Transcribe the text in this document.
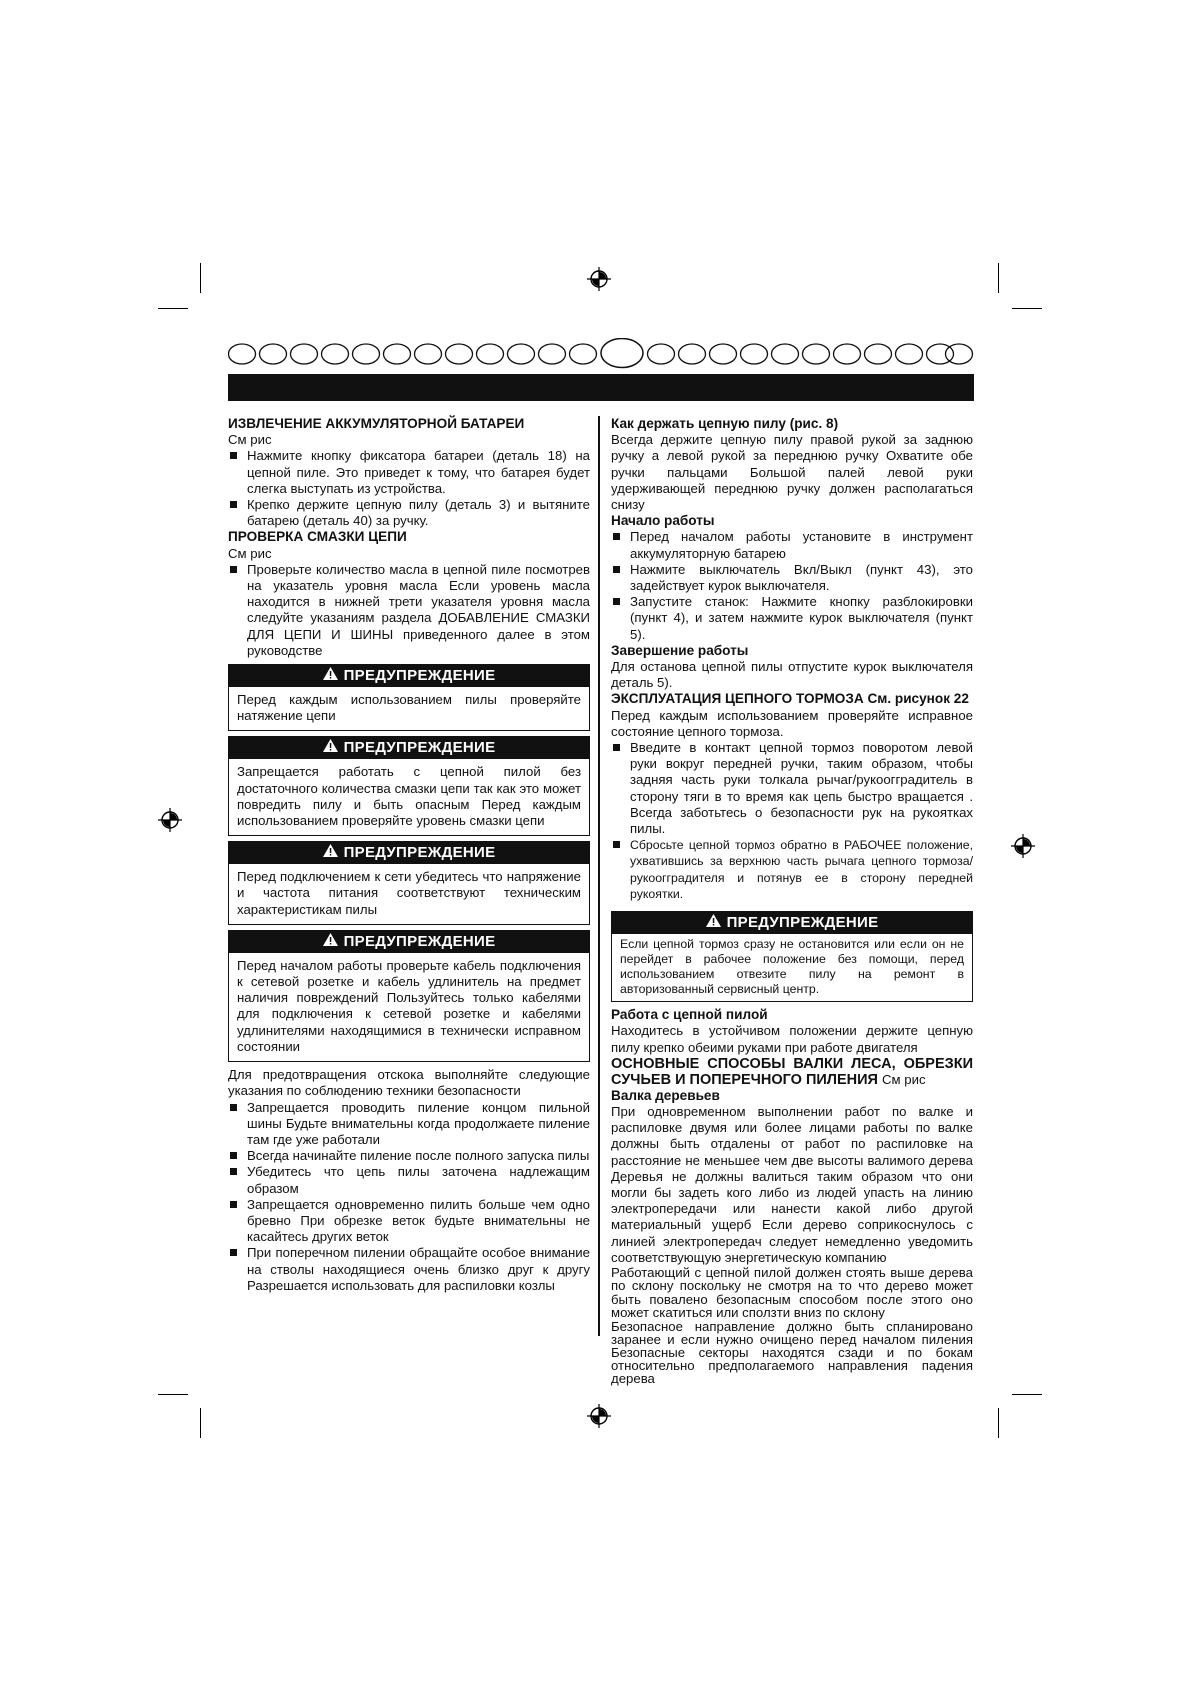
ИЗВЛЕЧЕНИЕ АККУМУЛЯТОРНОЙ БАТАРЕИ

См рис

Нажмите кнопку фиксатора батареи (деталь 18) на цепной пиле. Это приведет к тому, что батарея будет слегка выступать из устройства.
Крепко держите цепную пилу (деталь 3) и вытяните батарею (деталь 40) за ручку.
ПРОВЕРКА СМАЗКИ ЦЕПИ

См рис

Проверьте количество масла в цепной пиле посмотрев на указатель уровня масла Если уровень масла находится в нижней трети указателя уровня масла следуйте указаниям раздела ДОБАВЛЕНИЕ СМАЗКИ ДЛЯ ЦЕПИ И ШИНЫ приведенного далее в этом руководстве
ПРЕДУПРЕЖДЕНИЕ
Перед каждым использованием пилы проверяйте натяжение цепи
ПРЕДУПРЕЖДЕНИЕ
Запрещается работать с цепной пилой без достаточного количества смазки цепи так как это может повредить пилу и быть опасным Перед каждым использованием проверяйте уровень смазки цепи
ПРЕДУПРЕЖДЕНИЕ
Перед подключением к сети убедитесь что напряжение и частота питания соответствуют техническим характеристикам пилы
ПРЕДУПРЕЖДЕНИЕ
Перед началом работы проверьте кабель подключения к сетевой розетке и кабель удлинитель на предмет наличия повреждений Пользуйтесь только кабелями для подключения к сетевой розетке и кабелями удлинителями находящимися в технически исправном состоянии

Для предотвращения отскока выполняйте следующие указания по соблюдению техники безопасности

Запрещается проводить пиление концом пильной шины Будьте внимательны когда продолжаете пиление там где уже работали
Всегда начинайте пиление после полного запуска пилы
Убедитесь что цепь пилы заточена надлежащим образом
Запрещается одновременно пилить больше чем одно бревно При обрезке веток будьте внимательны не касайтесь других веток
При поперечном пилении обращайте особое внимание на стволы находящиеся очень близко друг к другу Разрешается использовать для распиловки козлы
Как держать цепную пилу (рис. 8)

Всегда держите цепную пилу правой рукой за заднюю ручку а левой рукой за переднюю ручку Охватите обе ручки пальцами Большой палей левой руки удерживающей переднюю ручку должен располагаться снизу

Начало работы
Перед началом работы установите в инструмент аккумуляторную батарею
Нажмите выключатель Вкл/Выкл (пункт 43), это задействует курок выключателя.
Запустите станок: Нажмите кнопку разблокировки (пункт 4), и затем нажмите курок выключателя (пункт 5).
Завершение работы

Для останова цепной пилы отпустите курок выключателя деталь 5).

ЭКСПЛУАТАЦИЯ ЦЕПНОГО ТОРМОЗА См. рисунок 22

Перед каждым использованием проверяйте исправное состояние цепного тормоза.

Введите в контакт цепной тормоз поворотом левой руки вокруг передней ручки, таким образом, чтобы задняя часть руки толкала рычаг/рукоогградитель в сторону тяги в то время как цепь быстро вращается . Всегда заботьтесь о безопасности рук на рукоятках пилы.
Сбросьте цепной тормоз обратно в РАБОЧЕЕ положение, ухватившись за верхнюю часть рычага цепного тормоза/ рукоогградителя и потянув ее в сторону передней рукоятки.
ПРЕДУПРЕЖДЕНИЕ
Если цепной тормоз сразу не остановится или если он не перейдет в рабочее положение без помощи, перед использованием отвезите пилу на ремонт в авторизованный сервисный центр.
Работа с цепной пилой

Находитесь в устойчивом положении держите цепную пилу крепко обеими руками при работе двигателя

ОСНОВНЫЕ СПОСОБЫ ВАЛКИ ЛЕСА, ОБРЕЗКИ СУЧЬЕВ И ПОПЕРЕЧНОГО ПИЛЕНИЯ См рис

Валка деревьев

При одновременном выполнении работ по валке и распиловке двумя или более лицами работы по валке должны быть отдалены от работ по распиловке на расстояние не меньшее чем две высоты валимого дерева Деревья не должны валиться таким образом что они могли бы задеть кого либо из людей упасть на линию электропередачи или нанести какой либо другой материальный ущерб Если дерево соприкоснулось с линией электропередач следует немедленно уведомить соответствующую энергетическую компанию

Работающий с цепной пилой должен стоять выше дерева по склону поскольку не смотря на то что дерево может быть повалено безопасным способом после этого оно может скатиться или сползти вниз по склону

Безопасное направление должно быть спланировано заранее и если нужно очищено перед началом пиления Безопасные секторы находятся сзади и по бокам относительно предполагаемого направления падения дерева
